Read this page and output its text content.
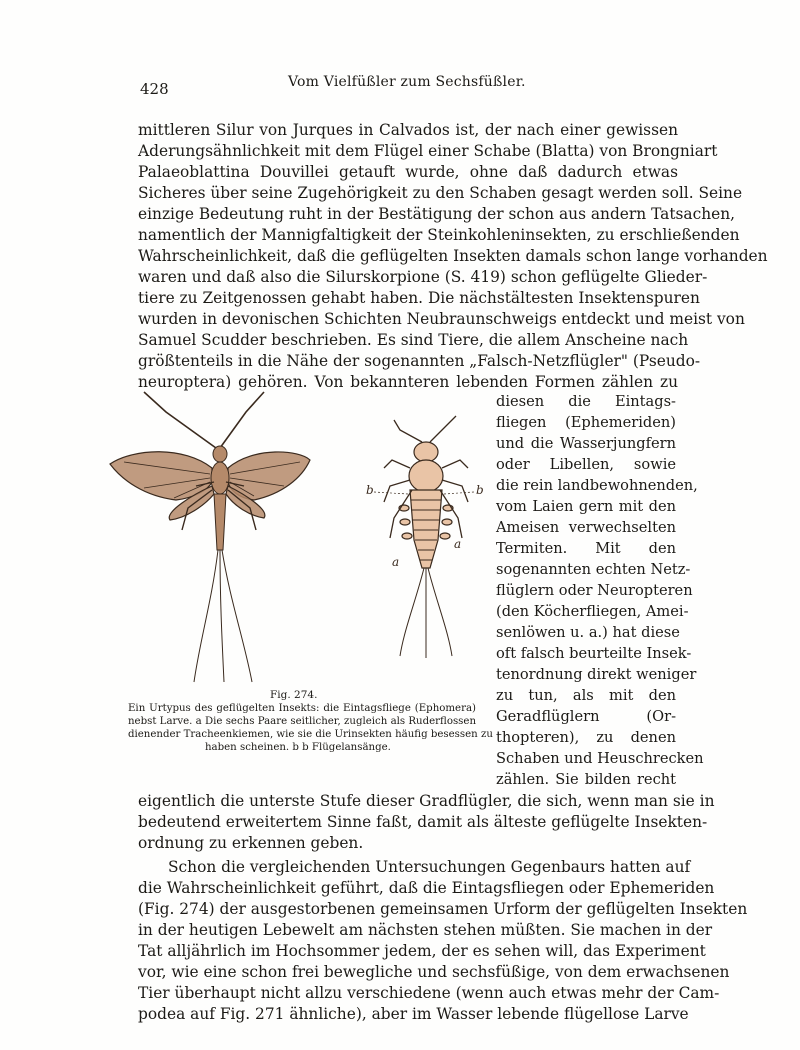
428	Vom Vielfüßler zum Sechsfüßler.
mittleren Silur von Jurques in Calvados ist, der nach einer gewissen
Aderungsähnlichkeit mit dem Flügel einer Schabe (Blatta) von Brongniart
Palaeoblattina Douvillei getauft wurde, ohne daß dadurch etwas
Sicheres über seine Zugehörigkeit zu den Schaben gesagt werden soll. Seine
einzige Bedeutung ruht in der Bestätigung der schon aus andern Tatsachen,
namentlich der Mannigfaltigkeit der Steinkohleninsekten, zu erschließenden
Wahrscheinlichkeit, daß die geflügelten Insekten damals schon lange vorhanden
waren und daß also die Silurskorpione (S. 419) schon geflügelte Glieder-
tiere zu Zeitgenossen gehabt haben. Die nächstältesten Insektenspuren
wurden in devonischen Schichten Neubraunschweigs entdeckt und meist von
Samuel Scudder beschrieben. Es sind Tiere, die allem Anscheine nach
größtenteils in die Nähe der sogenannten „Falsch-Netzflügler" (Pseudo-
neuroptera) gehören. Von bekannteren lebenden Formen zählen zu
diesen die Eintags-
fliegen (Ephemeriden)
und die Wasserjungfern
oder Libellen, sowie
die rein landbewohnenden,
vom Laien gern mit den
Ameisen verwechselten
Termiten. Mit den
sogenannten echten Netz-
flüglern oder Neuropteren
(den Köcherfliegen, Amei-
senlöwen u. a.) hat diese
oft falsch beurteilte Insek-
tenordnung direkt weniger
zu tun, als mit den
Geradflüglern (Or-
thopteren), zu denen
Schaben und Heuschrecken
zählen. Sie bilden recht
b	b
a
a
Fig. 274.
Ein Urtypus des geflügelten Insekts: die Eintagsfliege (Ephomera)
nebst Larve. a Die sechs Paare seitlicher, zugleich als Ruderflossen
dienender Tracheenkiemen, wie sie die Urinsekten häufig besessen zu
haben scheinen. b b Flügelansänge.
eigentlich die unterste Stufe dieser Gradflügler, die sich, wenn man sie in
bedeutend erweitertem Sinne faßt, damit als älteste geflügelte Insekten-
ordnung zu erkennen geben.
Schon die vergleichenden Untersuchungen Gegenbaurs hatten auf
die Wahrscheinlichkeit geführt, daß die Eintagsfliegen oder Ephemeriden
(Fig. 274) der ausgestorbenen gemeinsamen Urform der geflügelten Insekten
in der heutigen Lebewelt am nächsten stehen müßten. Sie machen in der
Tat alljährlich im Hochsommer jedem, der es sehen will, das Experiment
vor, wie eine schon frei bewegliche und sechsfüßige, von dem erwachsenen
Tier überhaupt nicht allzu verschiedene (wenn auch etwas mehr der Cam-
podea auf Fig. 271 ähnliche), aber im Wasser lebende flügellose Larve
